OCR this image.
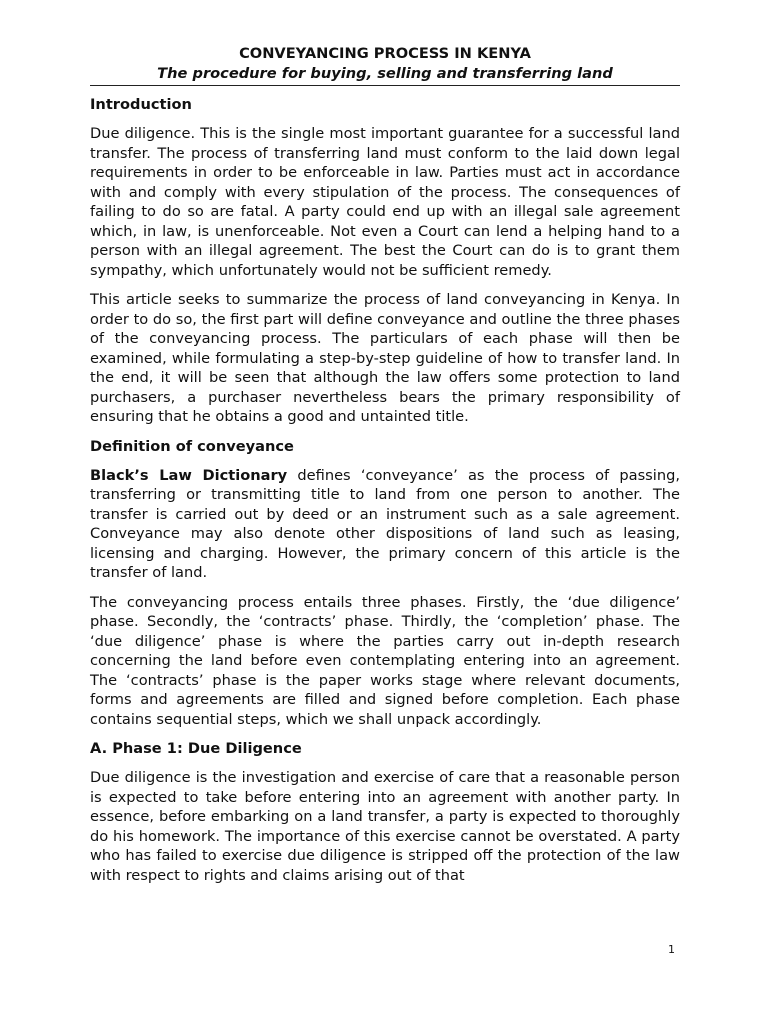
CONVEYANCING PROCESS IN KENYA
The procedure for buying, selling and transferring land
Introduction

Due diligence. This is the single most important guarantee for a successful land transfer. The process of transferring land must conform to the laid down legal requirements in order to be enforceable in law. Parties must act in accordance with and comply with every stipulation of the process. The consequences of failing to do so are fatal. A party could end up with an illegal sale agreement which, in law, is unenforceable. Not even a Court can lend a helping hand to a person with an illegal agreement. The best the Court can do is to grant them sympathy, which unfortunately would not be sufficient remedy.

This article seeks to summarize the process of land conveyancing in Kenya. In order to do so, the first part will define conveyance and outline the three phases of the conveyancing process. The particulars of each phase will then be examined, while formulating a step-by-step guideline of how to transfer land. In the end, it will be seen that although the law offers some protection to land purchasers, a purchaser nevertheless bears the primary responsibility of ensuring that he obtains a good and untainted title.

Definition of conveyance

Black’s Law Dictionary defines ‘conveyance’ as the process of passing, transferring or transmitting title to land from one person to another. The transfer is carried out by deed or an instrument such as a sale agreement. Conveyance may also denote other dispositions of land such as leasing, licensing and charging. However, the primary concern of this article is the transfer of land.

The conveyancing process entails three phases. Firstly, the ‘due diligence’ phase. Secondly, the ‘contracts’ phase. Thirdly, the ‘completion’ phase. The ‘due diligence’ phase is where the parties carry out in-depth research concerning the land before even contemplating entering into an agreement. The ‘contracts’ phase is the paper works stage where relevant documents, forms and agreements are filled and signed before completion. Each phase contains sequential steps, which we shall unpack accordingly.

A. Phase 1: Due Diligence

Due diligence is the investigation and exercise of care that a reasonable person is expected to take before entering into an agreement with another party. In essence, before embarking on a land transfer, a party is expected to thoroughly do his homework. The importance of this exercise cannot be overstated. A party who has failed to exercise due diligence is stripped off the protection of the law with respect to rights and claims arising out of that

1
